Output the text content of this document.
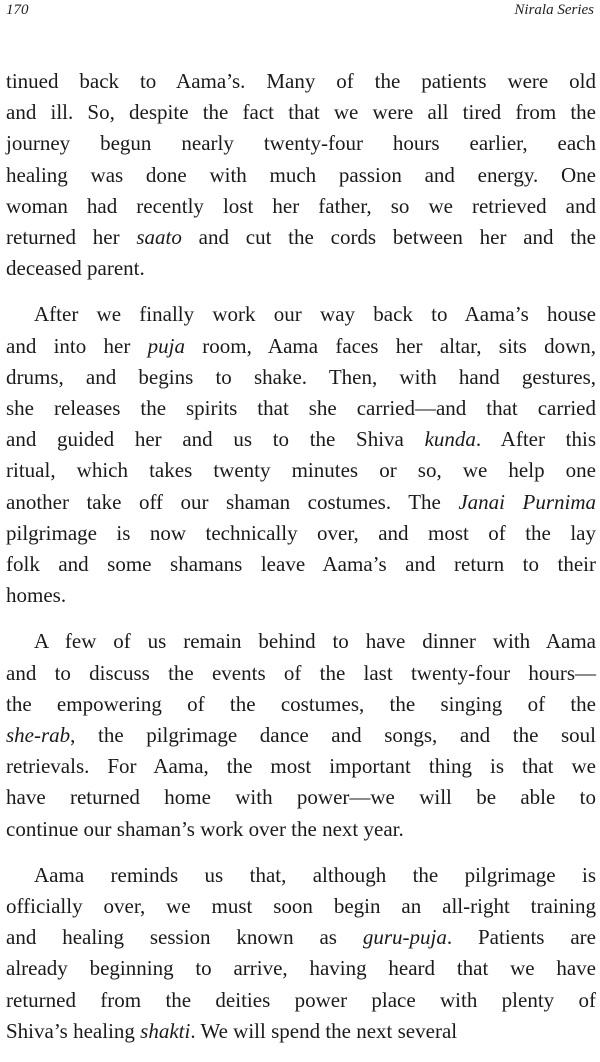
170	Nirala Series

tinued back to Aama’s. Many of the patients were old
and ill. So, despite the fact that we were all tired from the
journey begun nearly twenty-four hours earlier, each
healing was done with much passion and energy. One
woman had recently lost her father, so we retrieved and
returned her saato and cut the cords between her and the
deceased parent.

After we finally work our way back to Aama’s house
and into her puja room, Aama faces her altar, sits down,
drums, and begins to shake. Then, with hand gestures,
she releases the spirits that she carried—and that carried
and guided her and us to the Shiva kunda. After this
ritual, which takes twenty minutes or so, we help one
another take off our shaman costumes. The Janai Purnima
pilgrimage is now technically over, and most of the lay
folk and some shamans leave Aama’s and return to their
homes.

A few of us remain behind to have dinner with Aama
and to discuss the events of the last twenty-four hours—
the empowering of the costumes, the singing of the
she-rab, the pilgrimage dance and songs, and the soul
retrievals. For Aama, the most important thing is that we
have returned home with power—we will be able to
continue our shaman’s work over the next year.

Aama reminds us that, although the pilgrimage is
officially over, we must soon begin an all-right training
and healing session known as guru-puja. Patients are
already beginning to arrive, having heard that we have
returned from the deities power place with plenty of
Shiva’s healing shakti. We will spend the next several
